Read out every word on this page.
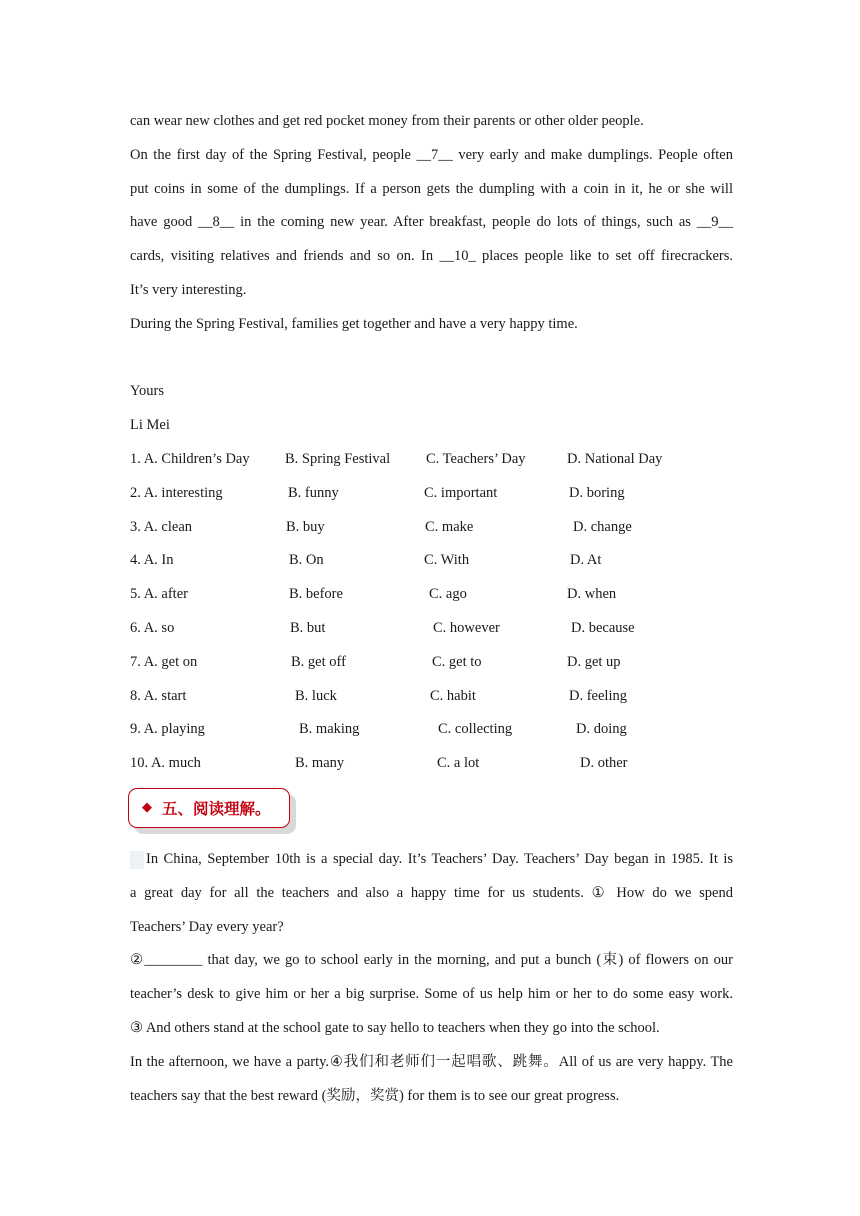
can wear new clothes and get red pocket money from their parents or other older people.
On the first day of the Spring Festival, people __7__ very early and make dumplings. People often
put coins in some of the dumplings. If a person gets the dumpling with a coin in it, he or she will
have good __8__ in the coming new year. After breakfast, people do lots of things, such as __9__
cards, visiting relatives and friends and so on. In __10_ places people like to set off firecrackers.
It’s very interesting.
During the Spring Festival, families get together and have a very happy time.
Yours
Li Mei
1. A. Children’s Day B. Spring Festival C. Teachers’ Day	D. National Day
2. A. interesting	B. funny	C. important	D. boring
3. A. clean	B. buy	C. make	D. change
4. A. In	B. On	C. With	D. At
5. A. after	B. before	C. ago	D. when
6. A. so	B. but	C. however	D. because
7. A. get on	B. get off	C. get to	D. get up
8. A. start	B. luck	C. habit	D. feeling
9. A. playing	B. making	C. collecting	D. doing
10. A. much	B. many	C. a lot	D. other
◆ 五、阅读理解。
In China, September 10th is a special day. It’s Teachers’ Day. Teachers’ Day began in 1985. It is
a great day for all the teachers and also a happy time for us students. ① How do we spend
Teachers’ Day every year?
②________ that day, we go to school early in the morning, and put a bunch (束) of flowers on our
teacher’s desk to give him or her a big surprise. Some of us help him or her to do some easy work.
③ And others stand at the school gate to say hello to teachers when they go into the school.
In the afternoon, we have a party.④我们和老师们一起唱歌、跳舞。All of us are very happy. The
teachers say that the best reward (奖励，奖赏) for them is to see our great progress.
